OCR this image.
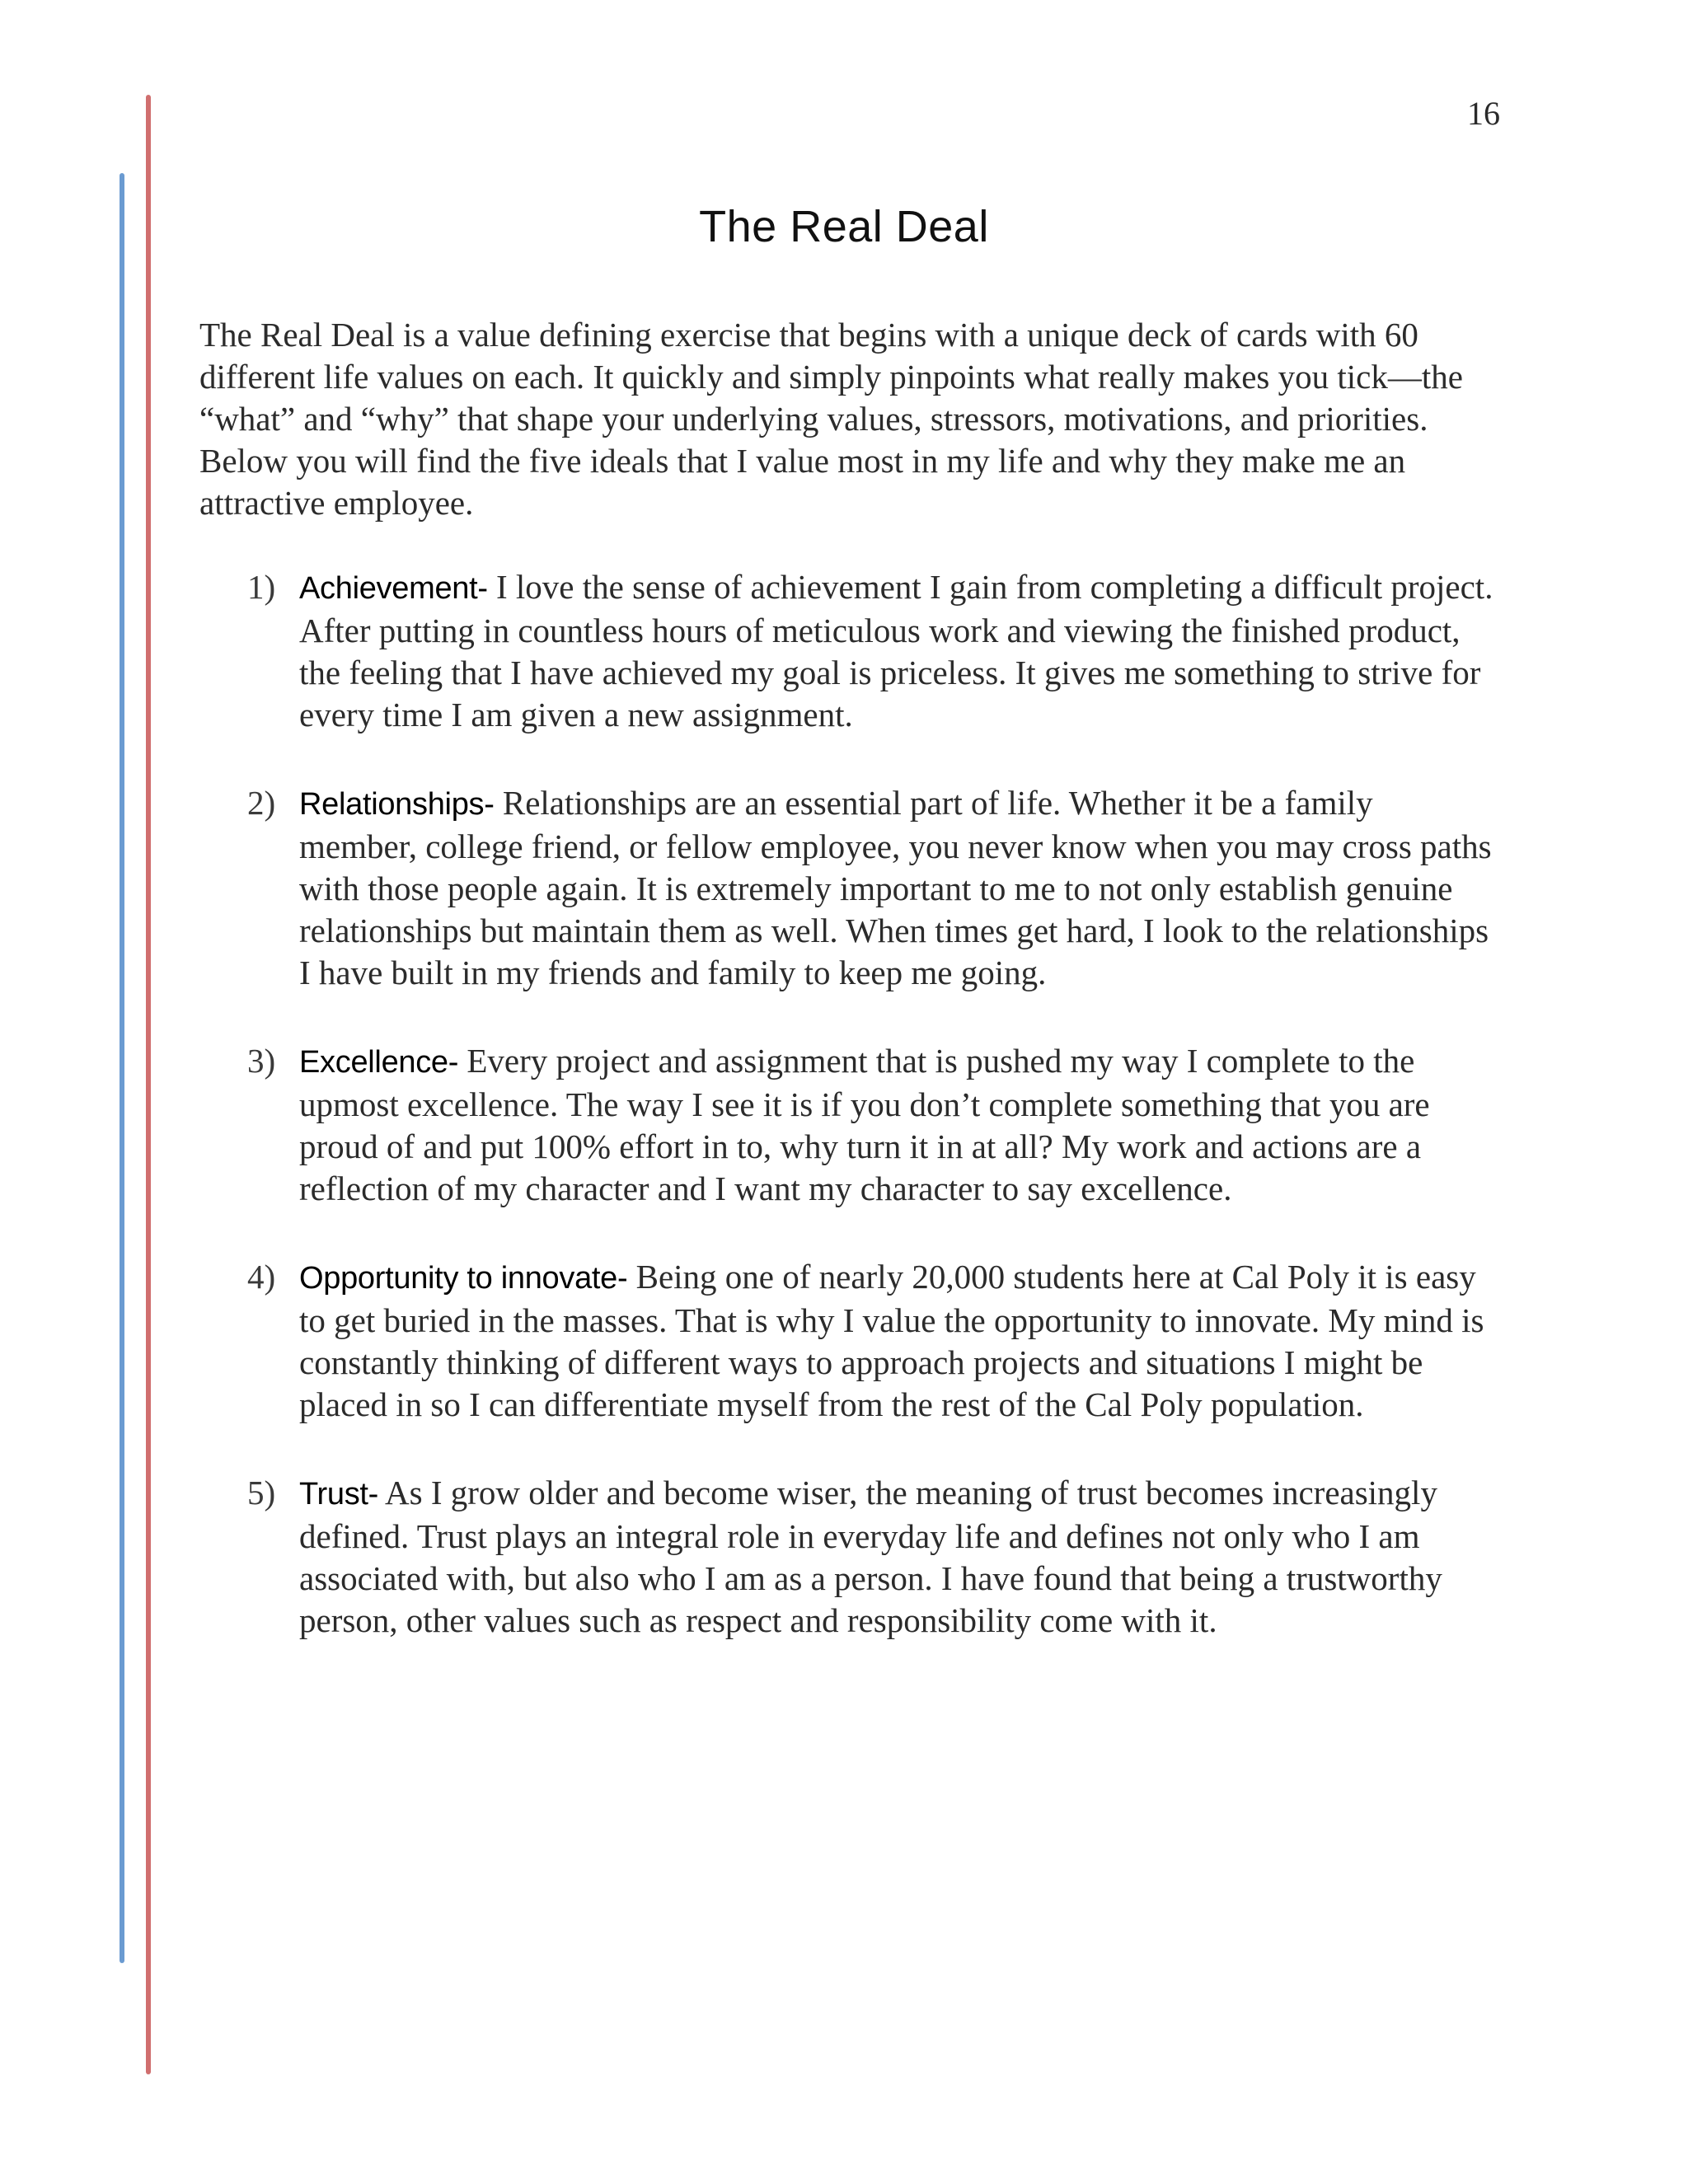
16
The Real Deal

The Real Deal is a value defining exercise that begins with a unique deck of cards with 60 different life values on each. It quickly and simply pinpoints what really makes you tick—the “what” and “why” that shape your underlying values, stressors, motivations, and priorities. Below you will find the five ideals that I value most in my life and why they make me an attractive employee.

1) Achievement- I love the sense of achievement I gain from completing a difficult project. After putting in countless hours of meticulous work and viewing the finished product, the feeling that I have achieved my goal is priceless. It gives me something to strive for every time I am given a new assignment.
2) Relationships- Relationships are an essential part of life. Whether it be a family member, college friend, or fellow employee, you never know when you may cross paths with those people again. It is extremely important to me to not only establish genuine relationships but maintain them as well. When times get hard, I look to the relationships I have built in my friends and family to keep me going.
3) Excellence- Every project and assignment that is pushed my way I complete to the upmost excellence. The way I see it is if you don’t complete something that you are proud of and put 100% effort in to, why turn it in at all? My work and actions are a reflection of my character and I want my character to say excellence.
4) Opportunity to innovate- Being one of nearly 20,000 students here at Cal Poly it is easy to get buried in the masses. That is why I value the opportunity to innovate. My mind is constantly thinking of different ways to approach projects and situations I might be placed in so I can differentiate myself from the rest of the Cal Poly population.
5) Trust- As I grow older and become wiser, the meaning of trust becomes increasingly defined. Trust plays an integral role in everyday life and defines not only who I am associated with, but also who I am as a person. I have found that being a trustworthy person, other values such as respect and responsibility come with it.
